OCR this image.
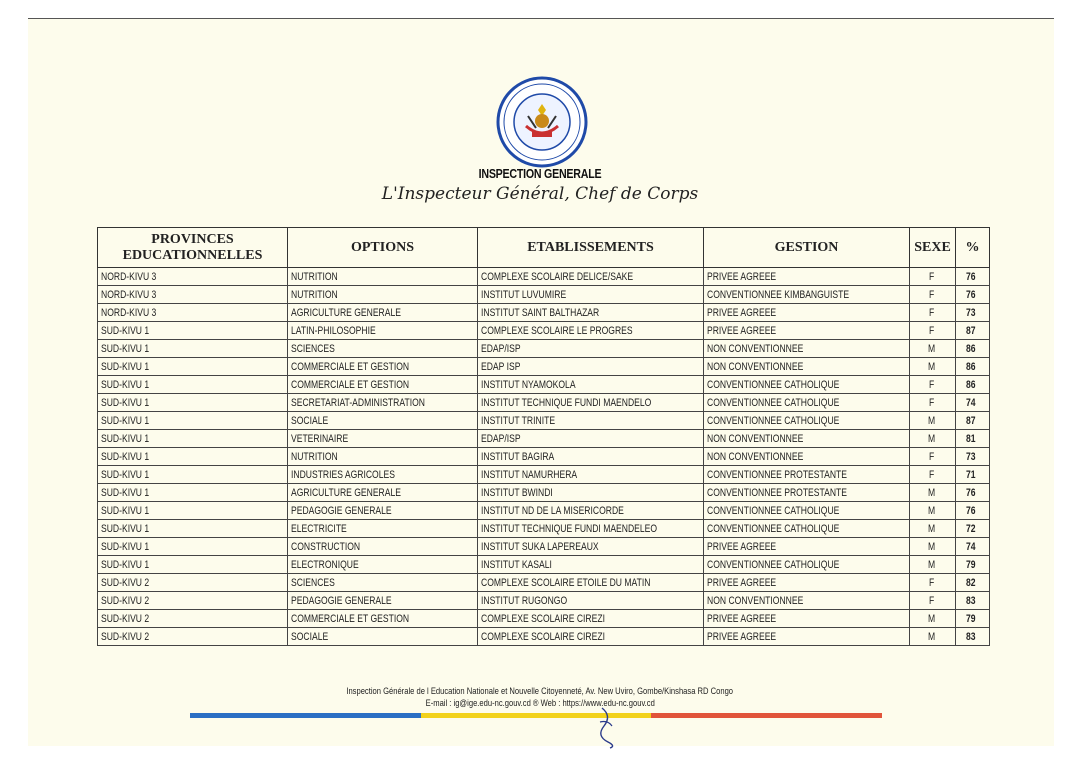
INSPECTION GENERALE
L'Inspecteur Général, Chef de Corps
PROVINCES EDUCATIONNELLES	OPTIONS	ETABLISSEMENTS	GESTION	SEXE	%
NORD-KIVU 3	NUTRITION	COMPLEXE SCOLAIRE DELICE/SAKE	PRIVEE AGREEE	F	76
NORD-KIVU 3	NUTRITION	INSTITUT LUVUMIRE	CONVENTIONNEE KIMBANGUISTE	F	76
NORD-KIVU 3	AGRICULTURE GENERALE	INSTITUT SAINT BALTHAZAR	PRIVEE AGREEE	F	73
SUD-KIVU 1	LATIN-PHILOSOPHIE	COMPLEXE SCOLAIRE LE PROGRES	PRIVEE AGREEE	F	87
SUD-KIVU 1	SCIENCES	EDAP/ISP	NON CONVENTIONNEE	M	86
SUD-KIVU 1	COMMERCIALE ET GESTION	EDAP ISP	NON CONVENTIONNEE	M	86
SUD-KIVU 1	COMMERCIALE ET GESTION	INSTITUT NYAMOKOLA	CONVENTIONNEE CATHOLIQUE	F	86
SUD-KIVU 1	SECRETARIAT-ADMINISTRATION	INSTITUT TECHNIQUE FUNDI MAENDELO	CONVENTIONNEE CATHOLIQUE	F	74
SUD-KIVU 1	SOCIALE	INSTITUT TRINITE	CONVENTIONNEE CATHOLIQUE	M	87
SUD-KIVU 1	VETERINAIRE	EDAP/ISP	NON CONVENTIONNEE	M	81
SUD-KIVU 1	NUTRITION	INSTITUT BAGIRA	NON CONVENTIONNEE	F	73
SUD-KIVU 1	INDUSTRIES AGRICOLES	INSTITUT NAMURHERA	CONVENTIONNEE PROTESTANTE	F	71
SUD-KIVU 1	AGRICULTURE GENERALE	INSTITUT BWINDI	CONVENTIONNEE PROTESTANTE	M	76
SUD-KIVU 1	PEDAGOGIE GENERALE	INSTITUT ND DE LA MISERICORDE	CONVENTIONNEE CATHOLIQUE	M	76
SUD-KIVU 1	ELECTRICITE	INSTITUT TECHNIQUE FUNDI MAENDELEO	CONVENTIONNEE CATHOLIQUE	M	72
SUD-KIVU 1	CONSTRUCTION	INSTITUT SUKA LAPEREAUX	PRIVEE AGREEE	M	74
SUD-KIVU 1	ELECTRONIQUE	INSTITUT KASALI	CONVENTIONNEE CATHOLIQUE	M	79
SUD-KIVU 2	SCIENCES	COMPLEXE SCOLAIRE ETOILE DU MATIN	PRIVEE AGREEE	F	82
SUD-KIVU 2	PEDAGOGIE GENERALE	INSTITUT RUGONGO	NON CONVENTIONNEE	F	83
SUD-KIVU 2	COMMERCIALE ET GESTION	COMPLEXE SCOLAIRE CIREZI	PRIVEE AGREEE	M	79
SUD-KIVU 2	SOCIALE	COMPLEXE SCOLAIRE CIREZI	PRIVEE AGREEE	M	83
Inspection Générale de l Education Nationale et Nouvelle Citoyenneté, Av. New Uviro, Gombe/Kinshasa RD Congo
E-mail : ig@ige.edu-nc.gouv.cd ® Web : https://www.edu-nc.gouv.cd
